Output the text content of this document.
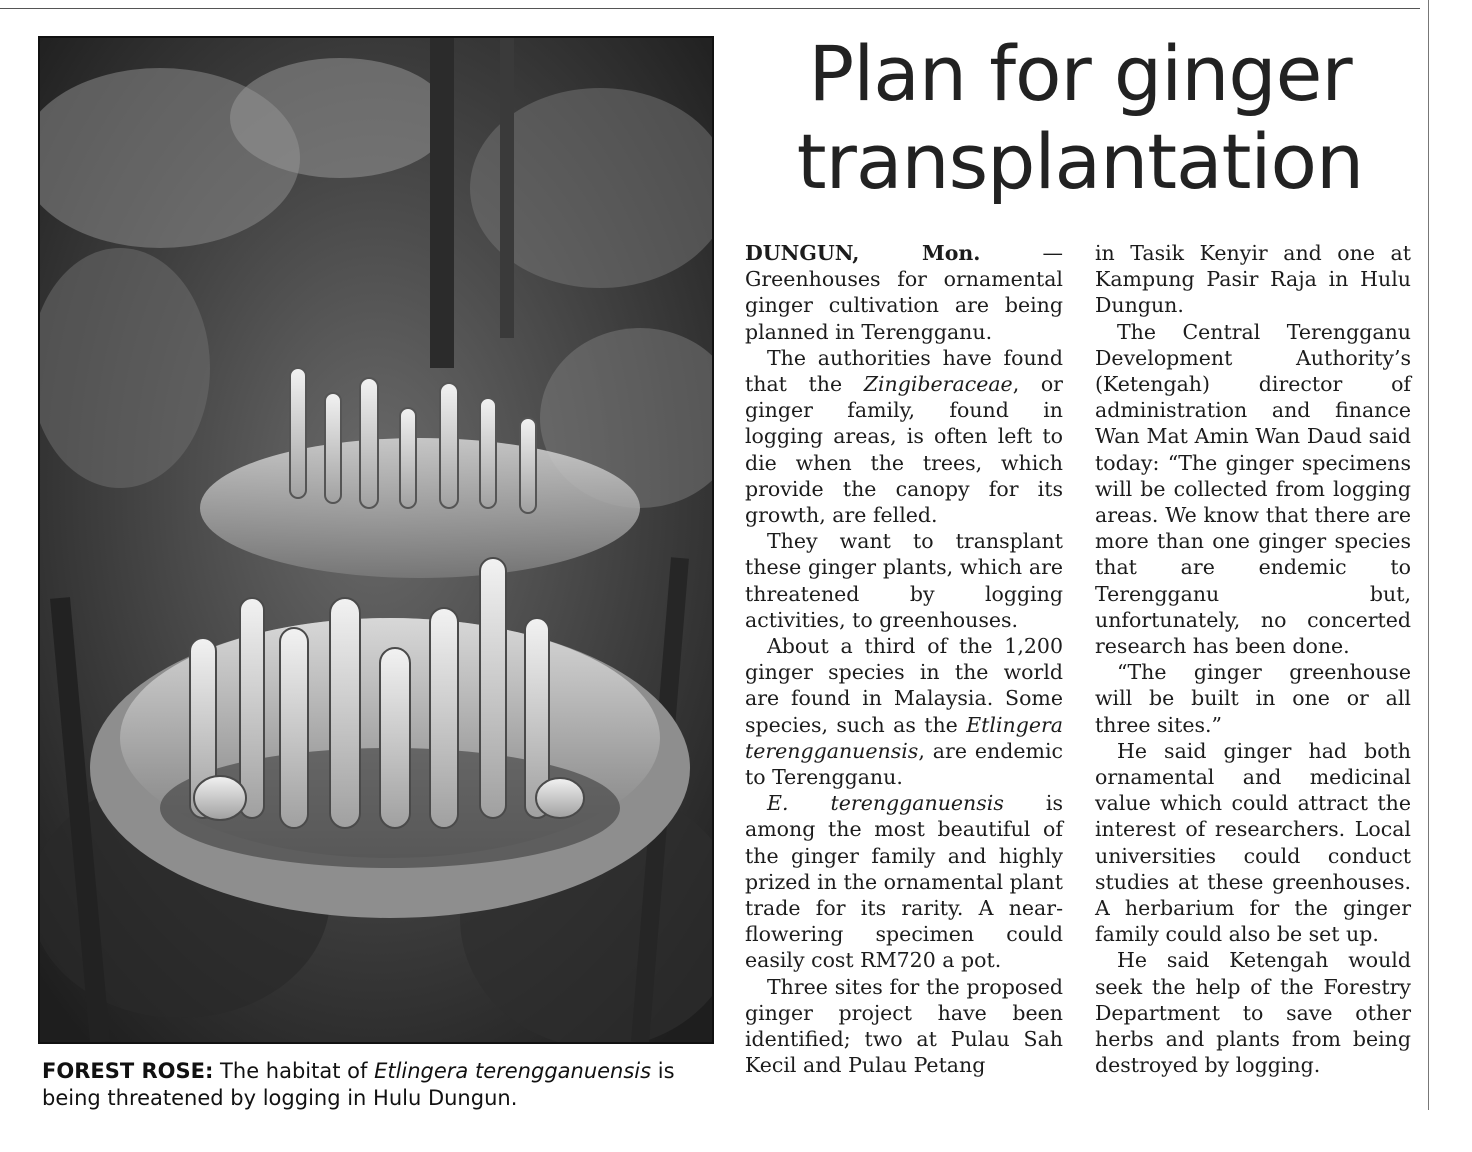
FOREST ROSE: The habitat of Etlingera terengganuensis is being threatened by logging in Hulu Dungun.
Plan for ginger
transplantation

DUNGUN, Mon. — Greenhouses for ornamental ginger cultivation are being planned in Terengganu.

The authorities have found that the Zingiberaceae, or ginger family, found in logging areas, is often left to die when the trees, which provide the canopy for its growth, are felled.

They want to transplant these ginger plants, which are threatened by logging activities, to greenhouses.

About a third of the 1,200 ginger species in the world are found in Malaysia. Some species, such as the Etlingera terengganuensis, are endemic to Terengganu.

E. terengganuensis is among the most beautiful of the ginger family and highly prized in the ornamental plant trade for its rarity. A near-flowering specimen could easily cost RM720 a pot.

Three sites for the proposed ginger project have been identified; two at Pulau Sah Kecil and Pulau Petang

in Tasik Kenyir and one at Kampung Pasir Raja in Hulu Dungun.

The Central Terengganu Development Authority’s (Ketengah) director of administration and finance Wan Mat Amin Wan Daud said today: “The ginger specimens will be collected from logging areas. We know that there are more than one ginger species that are endemic to Terengganu but, unfortunately, no concerted research has been done.

“The ginger greenhouse will be built in one or all three sites.”

He said ginger had both ornamental and medicinal value which could attract the interest of researchers. Local universities could conduct studies at these greenhouses. A herbarium for the ginger family could also be set up.

He said Ketengah would seek the help of the Forestry Department to save other herbs and plants from being destroyed by logging.
